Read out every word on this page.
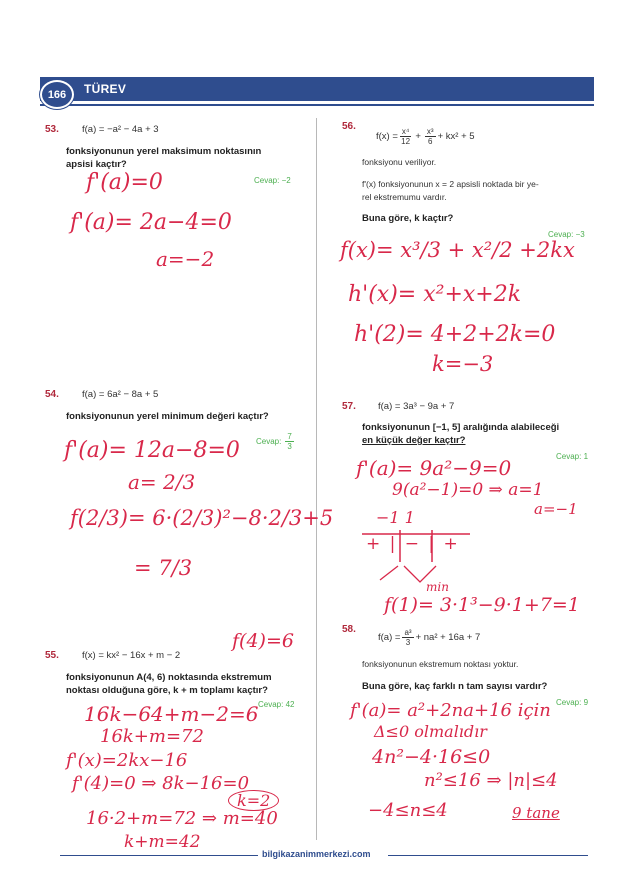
166	TÜREV
53. f(a) = −a² − 4a + 3
fonksiyonunun yerel maksimum noktasının
apsisi kaçtır?
Cevap: −2
f'(a)=0
f'(a)= 2a−4=0
a=−2
54. f(a) = 6a² − 8a + 5
fonksiyonunun yerel minimum değeri kaçtır?
Cevap: $\frac{7}{3}$
f'(a)= 12a−8=0
a= 2/3
f(2/3)= 6·(2/3)²−8·2/3+5
= 7/3
55. f(x) = kx² − 16x + m − 2
f(4)=6
fonksiyonunun A(4, 6) noktasında ekstremum
noktası olduğuna göre, k + m toplamı kaçtır?
Cevap: 42
16k−64+m−2=6
16k+m=72
f'(x)=2kx−16
f'(4)=0 ⇒ 8k−16=0
k=2
16·2+m=72 ⇒ m=40
k+m=42
56.
$f(x) = \frac{\text{x⁴}}{12} + \frac{\text{x³}}{6} + kx^2 + 5$
fonksiyonu veriliyor.
f'(x) fonksiyonunun x = 2 apsisli noktada bir ye-
rel ekstremumu vardır.
Buna göre, k kaçtır?
Cevap: −3
f(x)= x³/3 + x²/2 +2kx
h'(x)= x²+x+2k
h'(2)= 4+2+2k=0
k=−3
57. f(a) = 3a³ − 9a + 7
fonksiyonunun [−1, 5] aralığında alabileceği
en küçük değer kaçtır?
Cevap: 1
f'(a)= 9a²−9=0
9(a²−1)=0 ⇒ a=1
a=−1
−1 1
+ | − | +
min
f(1)= 3·1³−9·1+7=1
58.
$f(a) = \frac{\text{a³}}{3} + na^2 + 16a + 7$
fonksiyonunun ekstremum noktası yoktur.
Buna göre, kaç farklı n tam sayısı vardır?
Cevap: 9
f'(a)= a²+2na+16 için
Δ≤0 olmalıdır
4n²−4·16≤0
n²≤16 ⇒ |n|≤4
−4≤n≤4	9 tane
bilgikazanimmerkezi.com
